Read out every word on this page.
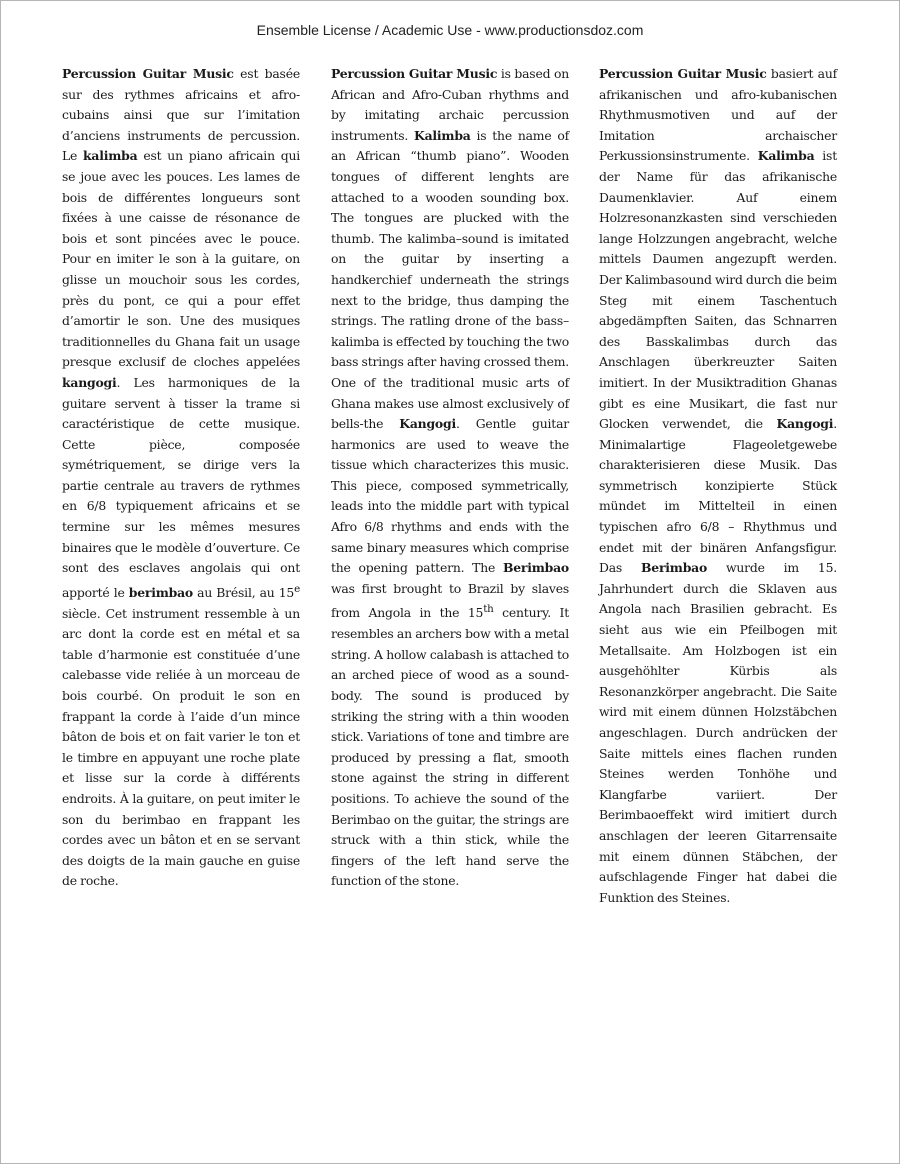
Ensemble License / Academic Use - www.productionsdoz.com

Percussion Guitar Music est basée sur des rythmes africains et afro-cubains ainsi que sur l’imitation d’anciens instruments de percussion. Le kalimba est un piano africain qui se joue avec les pouces. Les lames de bois de différentes longueurs sont fixées à une caisse de résonance de bois et sont pincées avec le pouce. Pour en imiter le son à la guitare, on glisse un mouchoir sous les cordes, près du pont, ce qui a pour effet d’amortir le son. Une des musiques traditionnelles du Ghana fait un usage presque exclusif de cloches appelées kangogi. Les harmoniques de la guitare servent à tisser la trame si caractéristique de cette musique. Cette pièce, composée symétriquement, se dirige vers la partie centrale au travers de rythmes en 6/8 typiquement africains et se termine sur les mêmes mesures binaires que le modèle d’ouverture. Ce sont des esclaves angolais qui ont apporté le berimbao au Brésil, au 15e siècle. Cet instrument ressemble à un arc dont la corde est en métal et sa table d’harmonie est constituée d’une calebasse vide reliée à un morceau de bois courbé. On produit le son en frappant la corde à l’aide d’un mince bâton de bois et on fait varier le ton et le timbre en appuyant une roche plate et lisse sur la corde à différents endroits. À la guitare, on peut imiter le son du berimbao en frappant les cordes avec un bâton et en se servant des doigts de la main gauche en guise de roche.

Percussion Guitar Music is based on African and Afro-Cuban rhythms and by imitating archaic percussion instruments. Kalimba is the name of an African “thumb piano”. Wooden tongues of different lenghts are attached to a wooden sounding box. The tongues are plucked with the thumb. The kalimba–sound is imitated on the guitar by inserting a handkerchief underneath the strings next to the bridge, thus damping the strings. The ratling drone of the bass–kalimba is effected by touching the two bass strings after having crossed them. One of the traditional music arts of Ghana makes use almost exclusively of bells-the Kangogi. Gentle guitar harmonics are used to weave the tissue which characterizes this music. This piece, composed symmetrically, leads into the middle part with typical Afro 6/8 rhythms and ends with the same binary measures which comprise the opening pattern. The Berimbao was first brought to Brazil by slaves from Angola in the 15th century. It resembles an archers bow with a metal string. A hollow calabash is attached to an arched piece of wood as a sound-body. The sound is produced by striking the string with a thin wooden stick. Variations of tone and timbre are produced by pressing a flat, smooth stone against the string in different positions. To achieve the sound of the Berimbao on the guitar, the strings are struck with a thin stick, while the fingers of the left hand serve the function of the stone.

Percussion Guitar Music basiert auf afrikanischen und afro-kubanischen Rhythmusmotiven und auf der Imitation archaischer Perkussionsinstrumente. Kalimba ist der Name für das afrikanische Daumenklavier. Auf einem Holzresonanzkasten sind verschieden lange Holzzungen angebracht, welche mittels Daumen angezupft werden. Der Kalimbasound wird durch die beim Steg mit einem Taschentuch abgedämpften Saiten, das Schnarren des Basskalimbas durch das Anschlagen überkreuzter Saiten imitiert. In der Musiktradition Ghanas gibt es eine Musikart, die fast nur Glocken verwendet, die Kangogi. Minimalartige Flageoletgewebe charakterisieren diese Musik. Das symmetrisch konzipierte Stück mündet im Mittelteil in einen typischen afro 6/8 – Rhythmus und endet mit der binären Anfangsfigur. Das Berimbao wurde im 15. Jahrhundert durch die Sklaven aus Angola nach Brasilien gebracht. Es sieht aus wie ein Pfeilbogen mit Metallsaite. Am Holzbogen ist ein ausgehöhlter Kürbis als Resonanzkörper angebracht. Die Saite wird mit einem dünnen Holzstäbchen angeschlagen. Durch andrücken der Saite mittels eines flachen runden Steines werden Tonhöhe und Klangfarbe variiert. Der Berimbaoeffekt wird imitiert durch anschlagen der leeren Gitarrensaite mit einem dünnen Stäbchen, der aufschlagende Finger hat dabei die Funktion des Steines.
